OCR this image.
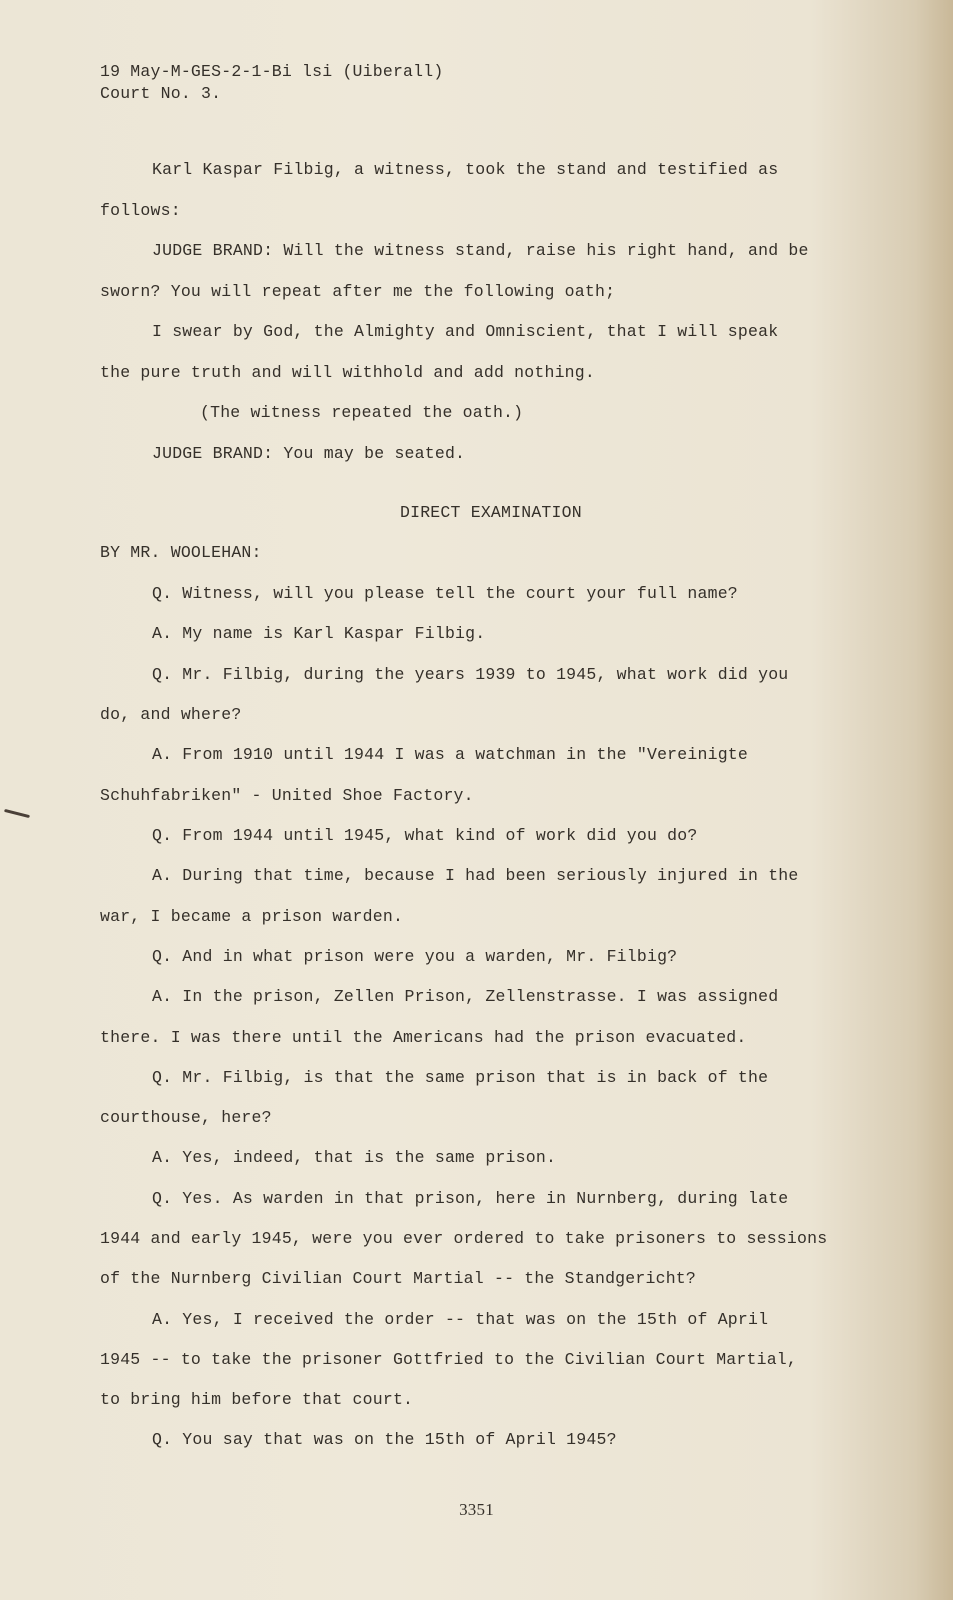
19 May-M-GES-2-1-Bi lsi (Uiberall)
Court No. 3.
Karl Kaspar Filbig, a witness, took the stand and testified as
follows:
JUDGE BRAND: Will the witness stand, raise his right hand, and be
sworn? You will repeat after me the following oath;
I swear by God, the Almighty and Omniscient, that I will speak
the pure truth and will withhold and add nothing.
(The witness repeated the oath.)
JUDGE BRAND: You may be seated.
DIRECT EXAMINATION
BY MR. WOOLEHAN:
Q. Witness, will you please tell the court your full name?
A. My name is Karl Kaspar Filbig.
Q. Mr. Filbig, during the years 1939 to 1945, what work did you
do, and where?
A. From 1910 until 1944 I was a watchman in the "Vereinigte
Schuhfabriken" - United Shoe Factory.
Q. From 1944 until 1945, what kind of work did you do?
A. During that time, because I had been seriously injured in the
war, I became a prison warden.
Q. And in what prison were you a warden, Mr. Filbig?
A. In the prison, Zellen Prison, Zellenstrasse. I was assigned
there. I was there until the Americans had the prison evacuated.
Q. Mr. Filbig, is that the same prison that is in back of the
courthouse, here?
A. Yes, indeed, that is the same prison.
Q. Yes. As warden in that prison, here in Nurnberg, during late
1944 and early 1945, were you ever ordered to take prisoners to sessions
of the Nurnberg Civilian Court Martial -- the Standgericht?
A. Yes, I received the order -- that was on the 15th of April
1945 -- to take the prisoner Gottfried to the Civilian Court Martial,
to bring him before that court.
Q. You say that was on the 15th of April 1945?
3351
